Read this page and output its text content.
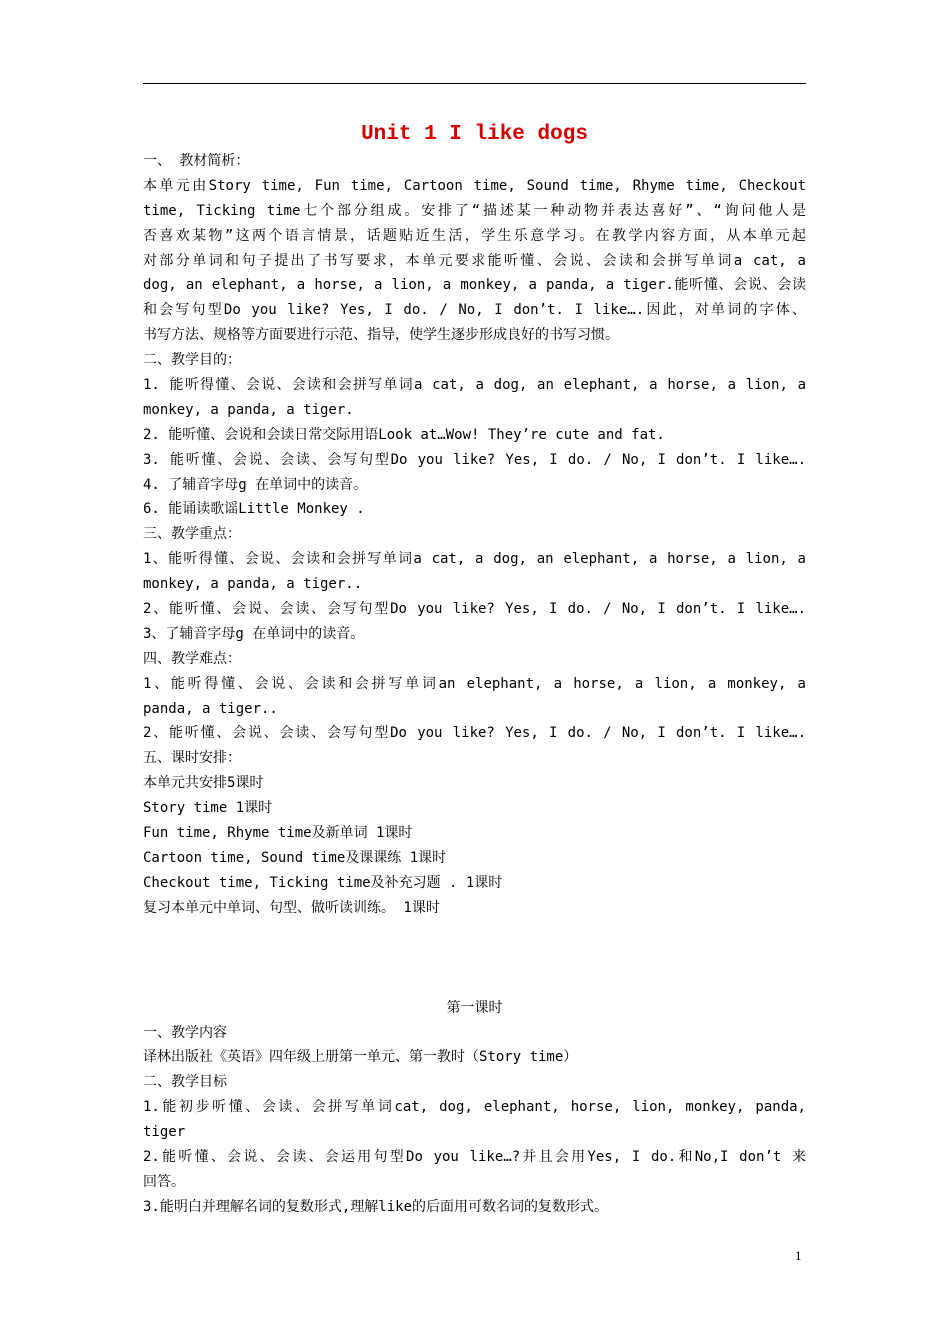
Unit 1 I like dogs
一、 教材简析：
本单元由Story time, Fun time, Cartoon time, Sound time, Rhyme time, Checkout
time, Ticking time七个部分组成。安排了“描述某一种动物并表达喜好”、“询问他人是
否喜欢某物”这两个语言情景，话题贴近生活，学生乐意学习。在教学内容方面，从本单元起
对部分单词和句子提出了书写要求，本单元要求能听懂、会说、会读和会拼写单词a cat, a
dog, an elephant, a horse, a lion, a monkey, a panda, a tiger.能听懂、会说、会读
和会写句型Do you like? Yes, I do. / No, I don’t. I like….因此，对单词的字体、
书写方法、规格等方面要进行示范、指导，使学生逐步形成良好的书写习惯。
二、教学目的：
1. 能听得懂、会说、会读和会拼写单词a cat, a dog, an elephant, a horse, a lion, a
monkey, a panda, a tiger.
2. 能听懂、会说和会读日常交际用语Look at…Wow! They’re cute and fat.
3. 能听懂、会说、会读、会写句型Do you like? Yes, I do. / No, I don’t. I like….
4. 了辅音字母g 在单词中的读音。
6. 能诵读歌谣Little Monkey .
三、教学重点：
1、能听得懂、会说、会读和会拼写单词a cat, a dog, an elephant, a horse, a lion, a
monkey, a panda, a tiger..
2、能听懂、会说、会读、会写句型Do you like? Yes, I do. / No, I don’t. I like….
3、了辅音字母g 在单词中的读音。
四、教学难点：
1、能听得懂、会说、会读和会拼写单词an elephant, a horse, a lion, a monkey, a
panda, a tiger..
2、能听懂、会说、会读、会写句型Do you like? Yes, I do. / No, I don’t. I like….
五、课时安排：
本单元共安排5课时
Story time 1课时
Fun time, Rhyme time及新单词 1课时
Cartoon time, Sound time及课课练 1课时
Checkout time, Ticking time及补充习题 . 1课时
复习本单元中单词、句型、做听读训练。 1课时
第一课时
一、教学内容
译林出版社《英语》四年级上册第一单元、第一教时（Story time）
二、教学目标
1.能初步听懂、会读、会拼写单词cat, dog, elephant, horse, lion, monkey, panda,
tiger
2.能听懂、会说、会读、会运用句型Do you like…?并且会用Yes, I do.和No,I don’t 来
回答。
3.能明白并理解名词的复数形式,理解like的后面用可数名词的复数形式。
1
